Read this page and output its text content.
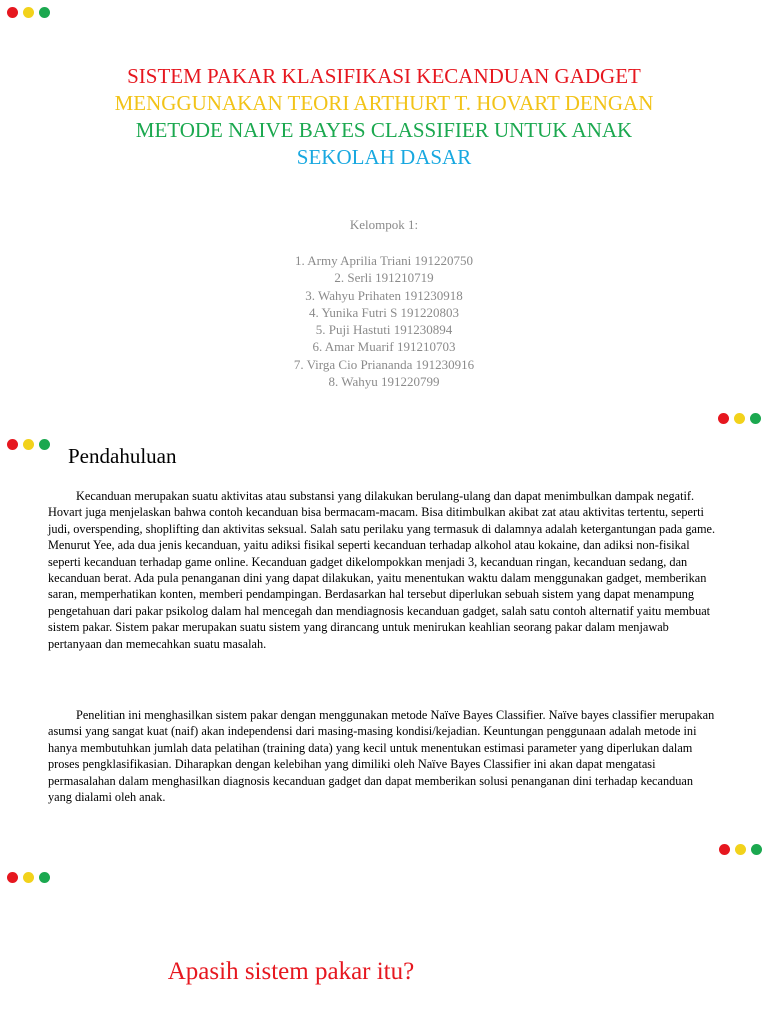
SISTEM PAKAR KLASIFIKASI KECANDUAN GADGET
MENGGUNAKAN TEORI ARTHURT T. HOVART DENGAN
METODE NAIVE BAYES CLASSIFIER UNTUK ANAK
SEKOLAH DASAR
Kelompok 1:
1. Army Aprilia Triani 191220750
2. Serli 191210719
3. Wahyu Prihaten 191230918
4. Yunika Futri S 191220803
5. Puji Hastuti 191230894
6. Amar Muarif 191210703
7. Virga Cio Priananda 191230916
8. Wahyu 191220799
Pendahuluan

Kecanduan merupakan suatu aktivitas atau substansi yang dilakukan berulang-ulang dan dapat menimbulkan dampak negatif. Hovart juga menjelaskan bahwa contoh kecanduan bisa bermacam-macam. Bisa ditimbulkan akibat zat atau aktivitas tertentu, seperti judi, overspending, shoplifting dan aktivitas seksual. Salah satu perilaku yang termasuk di dalamnya adalah ketergantungan pada game. Menurut Yee, ada dua jenis kecanduan, yaitu adiksi fisikal seperti kecanduan terhadap alkohol atau kokaine, dan adiksi non-fisikal seperti kecanduan terhadap game online. Kecanduan gadget dikelompokkan menjadi 3, kecanduan ringan, kecanduan sedang, dan kecanduan berat. Ada pula penanganan dini yang dapat dilakukan, yaitu menentukan waktu dalam menggunakan gadget, memberikan saran, memperhatikan konten, memberi pendampingan. Berdasarkan hal tersebut diperlukan sebuah sistem yang dapat menampung pengetahuan dari pakar psikolog dalam hal mencegah dan mendiagnosis kecanduan gadget, salah satu contoh alternatif yaitu membuat sistem pakar. Sistem pakar merupakan suatu sistem yang dirancang untuk menirukan keahlian seorang pakar dalam menjawab pertanyaan dan memecahkan suatu masalah.

Penelitian ini menghasilkan sistem pakar dengan menggunakan metode Naïve Bayes Classifier. Naïve bayes classifier merupakan asumsi yang sangat kuat (naif) akan independensi dari masing-masing kondisi/kejadian. Keuntungan penggunaan adalah metode ini hanya membutuhkan jumlah data pelatihan (training data) yang kecil untuk menentukan estimasi parameter yang diperlukan dalam proses pengklasifikasian. Diharapkan dengan kelebihan yang dimiliki oleh Naïve Bayes Classifier ini akan dapat mengatasi permasalahan dalam menghasilkan diagnosis kecanduan gadget dan dapat memberikan solusi penanganan dini terhadap kecanduan yang dialami oleh anak.

Apasih sistem pakar itu?
